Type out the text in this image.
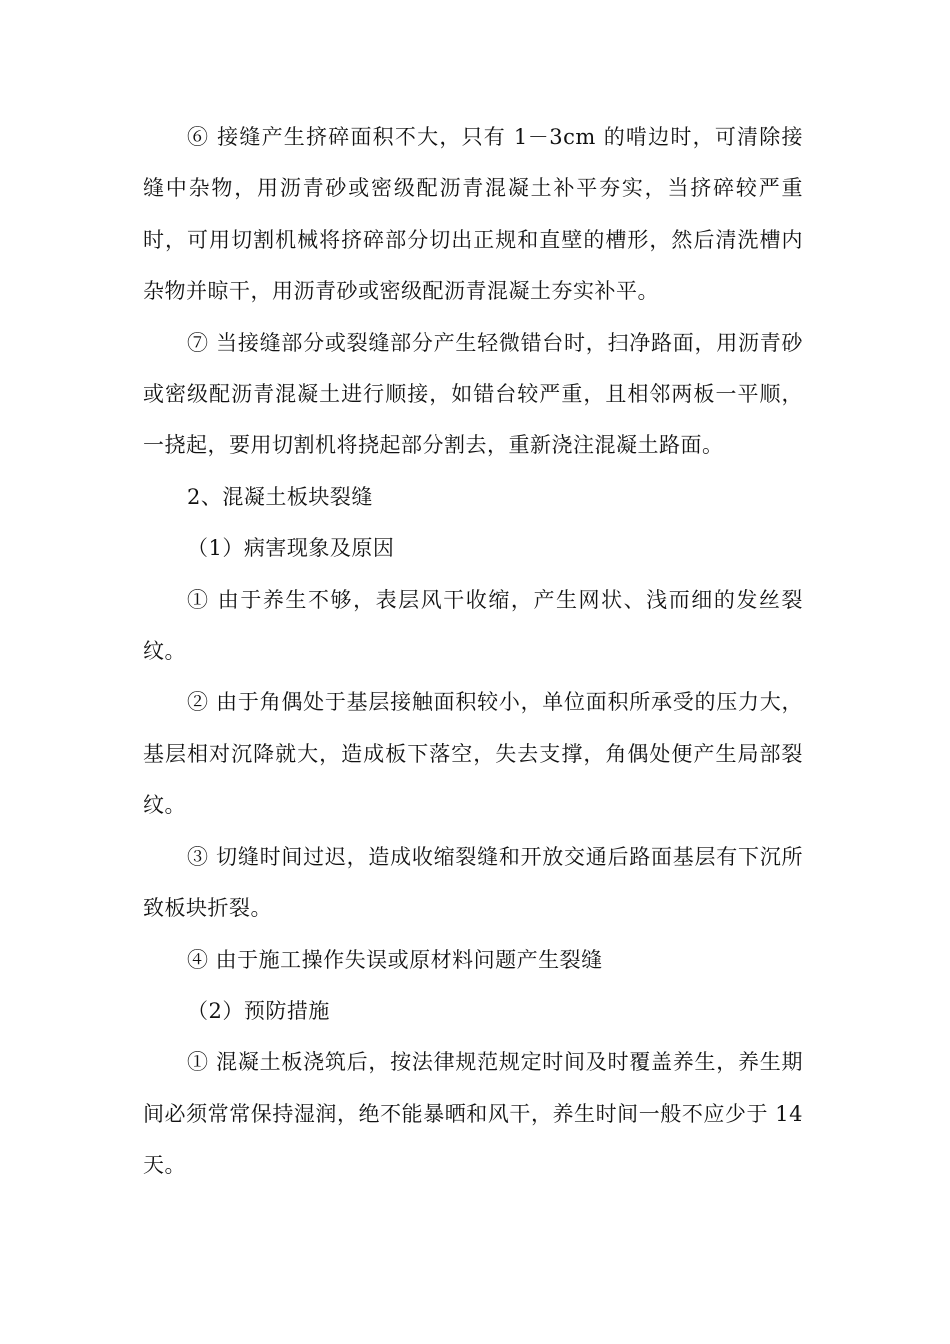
⑥ 接缝产生挤碎面积不大，只有 1－3cm 的啃边时，可清除接缝中杂物，用沥青砂或密级配沥青混凝土补平夯实，当挤碎较严重时，可用切割机械将挤碎部分切出正规和直壁的槽形，然后清洗槽内杂物并晾干，用沥青砂或密级配沥青混凝土夯实补平。

⑦ 当接缝部分或裂缝部分产生轻微错台时，扫净路面，用沥青砂或密级配沥青混凝土进行顺接，如错台较严重，且相邻两板一平顺，一挠起，要用切割机将挠起部分割去，重新浇注混凝土路面。

2、混凝土板块裂缝

（1）病害现象及原因

① 由于养生不够，表层风干收缩，产生网状、浅而细的发丝裂纹。

② 由于角偶处于基层接触面积较小，单位面积所承受的压力大，基层相对沉降就大，造成板下落空，失去支撑，角偶处便产生局部裂纹。

③ 切缝时间过迟，造成收缩裂缝和开放交通后路面基层有下沉所致板块折裂。

④ 由于施工操作失误或原材料问题产生裂缝

（2）预防措施

① 混凝土板浇筑后，按法律规范规定时间及时覆盖养生，养生期间必须常常保持湿润，绝不能暴晒和风干，养生时间一般不应少于 14 天。
